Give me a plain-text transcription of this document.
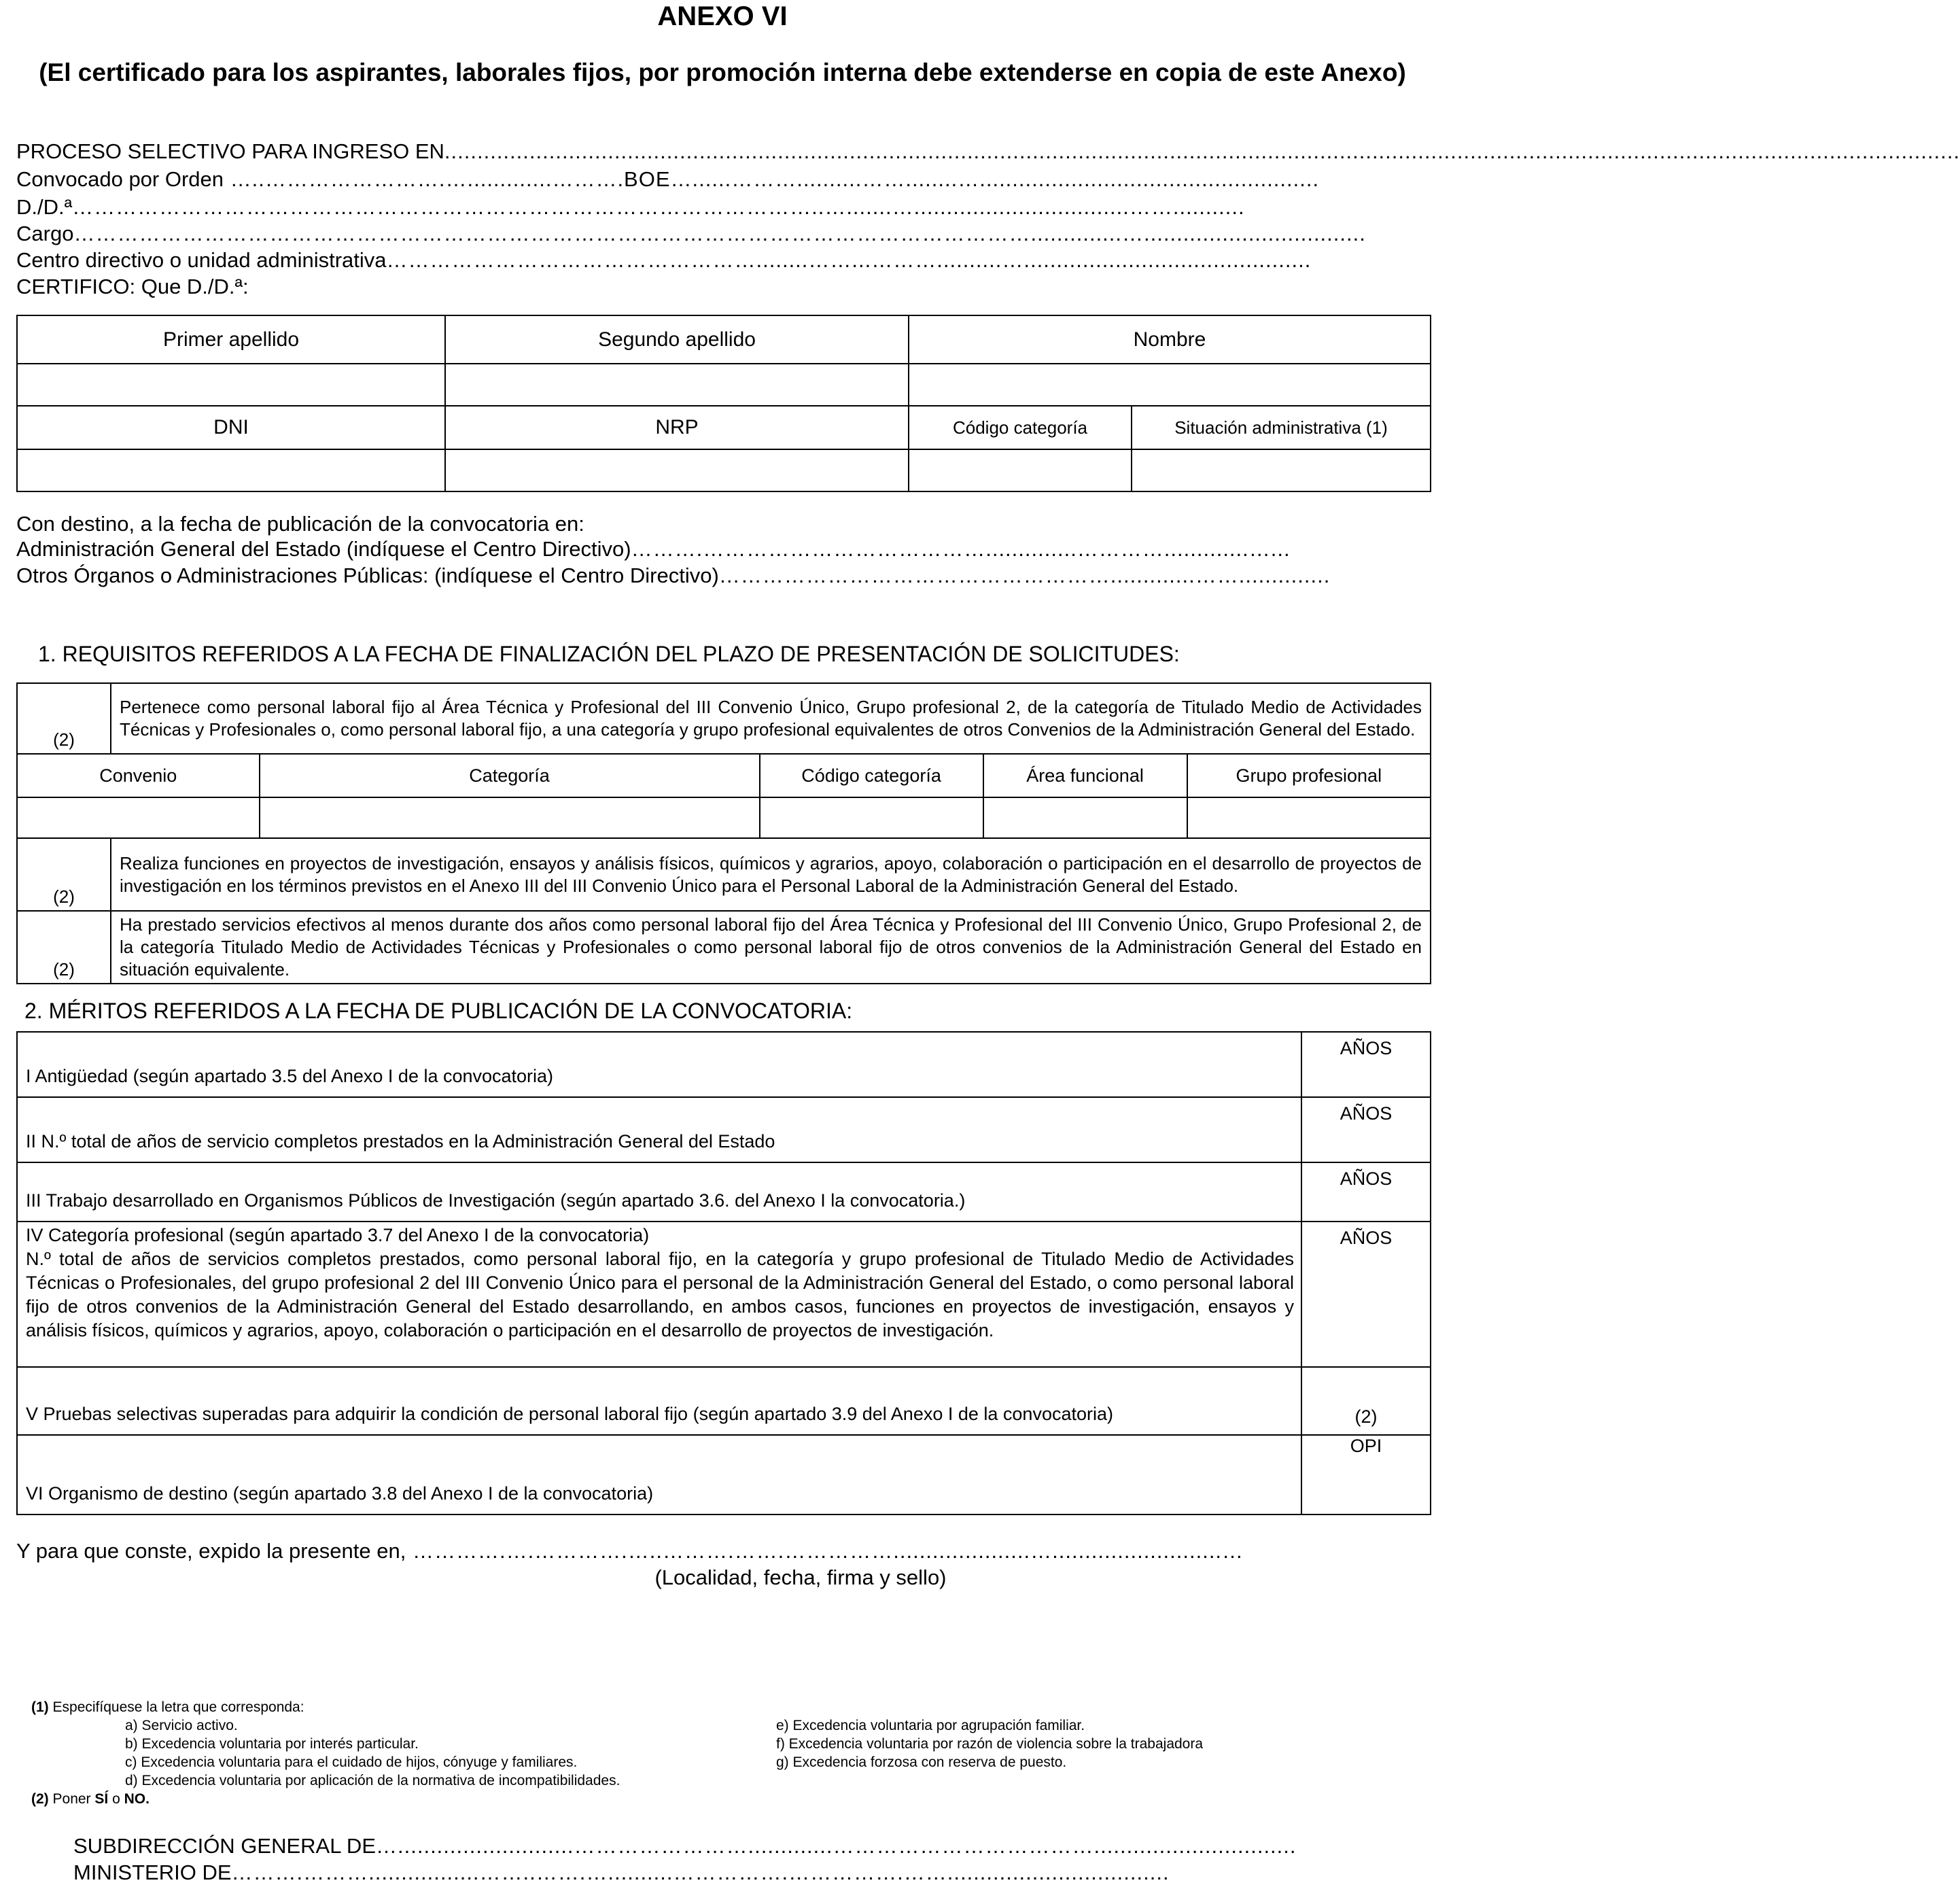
ANEXO VI
(El certificado para los aspirantes, laborales fijos, por promoción interna debe extenderse en copia de este Anexo)
PROCESO SELECTIVO PARA INGRESO EN........................................................................................................................................................................................................................................
Convocado por Orden …..…………………….….............……….BOE…......………..........……........…....................................................
D./D.ª…………………………………………………………………………………………..….......….................................……...........
Cargo……………………………………………………………………………………………………………………..............…..................................
Centro directivo o unidad administrativa……………………………………………........……...………..........…............................................
CERTIFICO: Que D./D.ª:
Primer apellido	Segundo apellido	Nombre	

DNI	NRP	Código categoría	Situación administrativa (1)

Con destino, a la fecha de publicación de la convocatoria en:
Administración General del Estado (indíquese el Centro Directivo)……….…………………………………..............………….............…...
Otros Órganos o Administraciones Públicas: (indíquese el Centro Directivo)……………………………………………….............……..............
1. REQUISITOS REFERIDOS A LA FECHA DE FINALIZACIÓN DEL PLAZO DE PRESENTACIÓN DE SOLICITUDES:
(2)	Pertenece como personal laboral fijo al Área Técnica y Profesional del III Convenio Único, Grupo profesional 2, de la categoría de Titulado Medio de Actividades Técnicas y Profesionales o, como personal laboral fijo, a una categoría y grupo profesional equivalentes de otros Convenios de la Administración General del Estado.				
Convenio		Categoría	Código categoría	Área funcional	Grupo profesional

(2)	Realiza funciones en proyectos de investigación, ensayos y análisis físicos, químicos y agrarios, apoyo, colaboración o participación en el desarrollo de proyectos de investigación en los términos previstos en el Anexo III del III Convenio Único para el Personal Laboral de la Administración General del Estado.				
(2)	Ha prestado servicios efectivos al menos durante dos años como personal laboral fijo del Área Técnica y Profesional del III Convenio Único, Grupo Profesional 2, de la categoría Titulado Medio de Actividades Técnicas y Profesionales o como personal laboral fijo de otros convenios de la Administración General del Estado en situación equivalente.				
2. MÉRITOS REFERIDOS A LA FECHA DE PUBLICACIÓN DE LA CONVOCATORIA:
I Antigüedad (según apartado 3.5 del Anexo I de la convocatoria)	AÑOS
II N.º total de años de servicio completos prestados en la Administración General del Estado	AÑOS
III Trabajo desarrollado en Organismos Públicos de Investigación (según apartado 3.6. del Anexo I la convocatoria.)	AÑOS

IV Categoría profesional (según apartado 3.7 del Anexo I de la convocatoria)
N.º total de años de servicios completos prestados, como personal laboral fijo, en la categoría y grupo profesional de Titulado Medio de Actividades Técnicas o Profesionales, del grupo profesional 2 del III Convenio Único para el personal de la Administración General del Estado, o como personal laboral fijo de otros convenios de la Administración General del Estado desarrollando, en ambos casos, funciones en proyectos de investigación, ensayos y análisis físicos, químicos y agrarios, apoyo, colaboración o participación en el desarrollo de proyectos de investigación.	AÑOS
V Pruebas selectivas superadas para adquirir la condición de personal laboral fijo (según apartado 3.9 del Anexo I de la convocatoria)	(2)
VI Organismo de destino (según apartado 3.8 del Anexo I de la convocatoria)	OPI
Y para que conste, expido la presente en, ………….….………….…..……….…….…………….....................…..........................…
(Localidad, fecha, firma y sello)
(1) Especifíquese la letra que corresponda:
a) Servicio activo.
b) Excedencia voluntaria por interés particular.
c) Excedencia voluntaria para el cuidado de hijos, cónyuge y familiares.
d) Excedencia voluntaria por aplicación de la normativa de incompatibilidades.
e) Excedencia voluntaria por agrupación familiar.
f) Excedencia voluntaria por razón de violencia sobre la trabajadora
g) Excedencia forzosa con reserva de puesto.
(2) Poner SÍ o NO.
SUBDIRECCIÓN GENERAL DE…...........................…………………….............………………………………...............................
MINISTERIO DE……….……….................……..…….…..........…………….…………….……..................................
